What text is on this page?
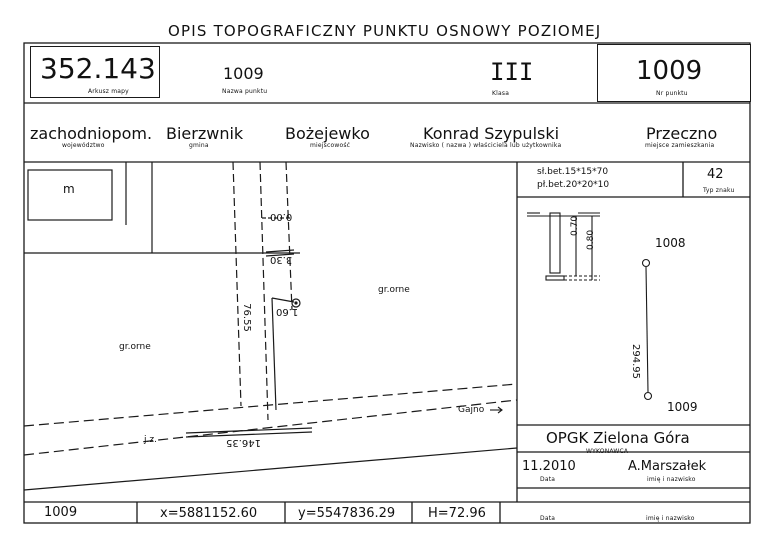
OPIS TOPOGRAFICZNY PUNKTU OSNOWY POZIOMEJ
352.143
Arkusz mapy
1009
Nazwa punktu
III
Klasa
1009
Nr punktu
zachodniopom.
województwo
Bierzwnik
gmina
Bożejewko
miejscowość
Konrad Szypulski
Nazwisko ( nazwa ) właściciela lub użytkownika
Przeczno
miejsce zamieszkania
m
0.00
3.30
76.55 1.60
146.35
gr.orne
gr.orne
j.z.
Gajno
sł.bet.15*15*70
pł.bet.20*20*10
42
Typ znaku
0.70
0.80	1008
294.95
1009
OPGK Zielona Góra
WYKONAWCA
11.2010
Data
A.Marszałek
imię i nazwisko
Data	imię i nazwisko
1009	x=5881152.60	y=5547836.29	H=72.96
